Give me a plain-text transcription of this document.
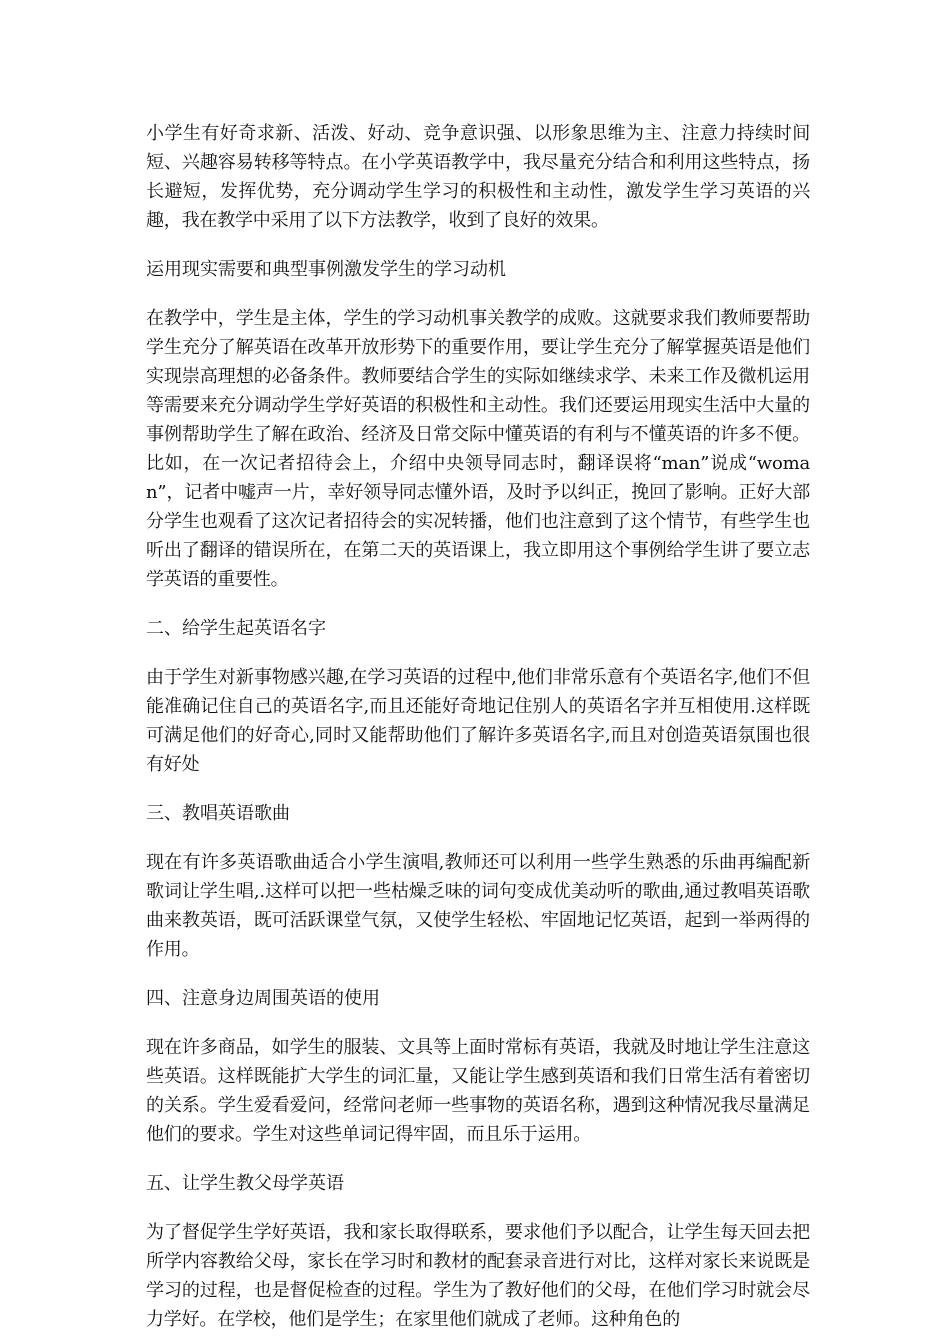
小学生有好奇求新、活泼、好动、竞争意识强、以形象思维为主、注意力持续时间短、兴趣容易转移等特点。在小学英语教学中，我尽量充分结合和利用这些特点，扬长避短，发挥优势，充分调动学生学习的积极性和主动性，激发学生学习英语的兴趣，我在教学中采用了以下方法教学，收到了良好的效果。

运用现实需要和典型事例激发学生的学习动机

在教学中，学生是主体，学生的学习动机事关教学的成败。这就要求我们教师要帮助学生充分了解英语在改革开放形势下的重要作用，要让学生充分了解掌握英语是他们实现崇高理想的必备条件。教师要结合学生的实际如继续求学、未来工作及微机运用等需要来充分调动学生学好英语的积极性和主动性。我们还要运用现实生活中大量的事例帮助学生了解在政治、经济及日常交际中懂英语的有利与不懂英语的许多不便。比如，在一次记者招待会上，介绍中央领导同志时，翻译误将“man”说成“woman”，记者中嘘声一片，幸好领导同志懂外语，及时予以纠正，挽回了影响。正好大部分学生也观看了这次记者招待会的实况转播，他们也注意到了这个情节，有些学生也听出了翻译的错误所在，在第二天的英语课上，我立即用这个事例给学生讲了要立志学英语的重要性。

二、给学生起英语名字

由于学生对新事物感兴趣,在学习英语的过程中,他们非常乐意有个英语名字,他们不但能准确记住自己的英语名字,而且还能好奇地记住别人的英语名字并互相使用.这样既可满足他们的好奇心,同时又能帮助他们了解许多英语名字,而且对创造英语氛围也很有好处

三、教唱英语歌曲

现在有许多英语歌曲适合小学生演唱,教师还可以利用一些学生熟悉的乐曲再编配新歌词让学生唱,.这样可以把一些枯燥乏味的词句变成优美动听的歌曲,通过教唱英语歌曲来教英语，既可活跃课堂气氛，又使学生轻松、牢固地记忆英语，起到一举两得的作用。

四、注意身边周围英语的使用

现在许多商品，如学生的服装、文具等上面时常标有英语，我就及时地让学生注意这些英语。这样既能扩大学生的词汇量，又能让学生感到英语和我们日常生活有着密切的关系。学生爱看爱问，经常问老师一些事物的英语名称，遇到这种情况我尽量满足他们的要求。学生对这些单词记得牢固，而且乐于运用。

五、让学生教父母学英语

为了督促学生学好英语，我和家长取得联系，要求他们予以配合，让学生每天回去把所学内容教给父母，家长在学习时和教材的配套录音进行对比，这样对家长来说既是学习的过程，也是督促检查的过程。学生为了教好他们的父母，在他们学习时就会尽力学好。在学校，他们是学生；在家里他们就成了老师。这种角色的
